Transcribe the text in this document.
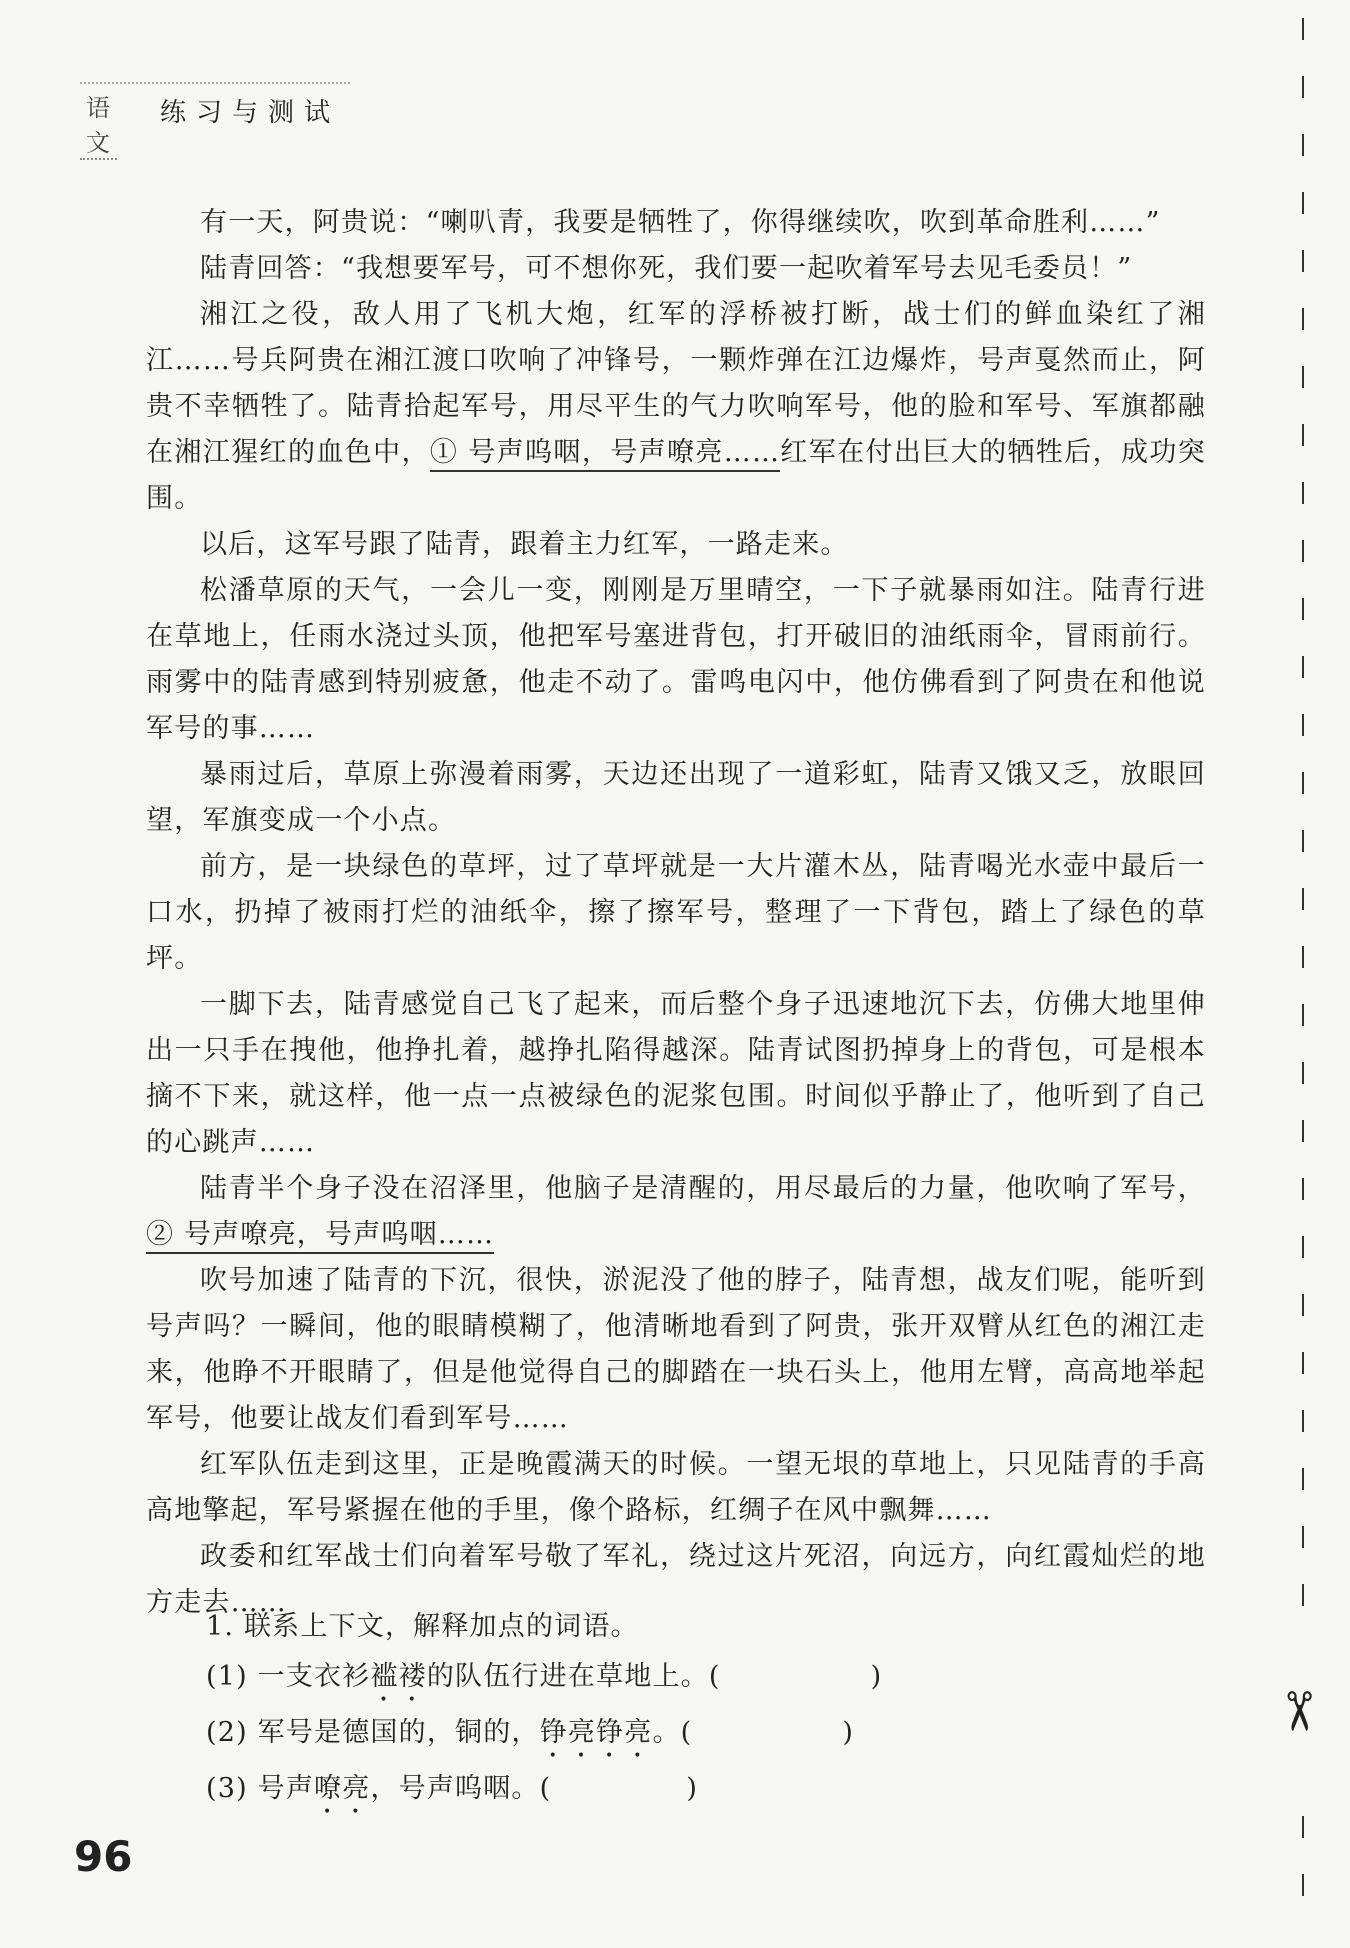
语文
练习与测试

有一天，阿贵说：“喇叭青，我要是牺牲了，你得继续吹，吹到革命胜利……”

陆青回答：“我想要军号，可不想你死，我们要一起吹着军号去见毛委员！”

湘江之役，敌人用了飞机大炮，红军的浮桥被打断，战士们的鲜血染红了湘江……号兵阿贵在湘江渡口吹响了冲锋号，一颗炸弹在江边爆炸，号声戛然而止，阿贵不幸牺牲了。陆青拾起军号，用尽平生的气力吹响军号，他的脸和军号、军旗都融在湘江猩红的血色中，① 号声呜咽，号声嘹亮……红军在付出巨大的牺牲后，成功突围。

以后，这军号跟了陆青，跟着主力红军，一路走来。

松潘草原的天气，一会儿一变，刚刚是万里晴空，一下子就暴雨如注。陆青行进在草地上，任雨水浇过头顶，他把军号塞进背包，打开破旧的油纸雨伞，冒雨前行。雨雾中的陆青感到特别疲惫，他走不动了。雷鸣电闪中，他仿佛看到了阿贵在和他说军号的事……

暴雨过后，草原上弥漫着雨雾，天边还出现了一道彩虹，陆青又饿又乏，放眼回望，军旗变成一个小点。

前方，是一块绿色的草坪，过了草坪就是一大片灌木丛，陆青喝光水壶中最后一口水，扔掉了被雨打烂的油纸伞，擦了擦军号，整理了一下背包，踏上了绿色的草坪。

一脚下去，陆青感觉自己飞了起来，而后整个身子迅速地沉下去，仿佛大地里伸出一只手在拽他，他挣扎着，越挣扎陷得越深。陆青试图扔掉身上的背包，可是根本摘不下来，就这样，他一点一点被绿色的泥浆包围。时间似乎静止了，他听到了自己的心跳声……

陆青半个身子没在沼泽里，他脑子是清醒的，用尽最后的力量，他吹响了军号，② 号声嘹亮，号声呜咽……

吹号加速了陆青的下沉，很快，淤泥没了他的脖子，陆青想，战友们呢，能听到号声吗？一瞬间，他的眼睛模糊了，他清晰地看到了阿贵，张开双臂从红色的湘江走来，他睁不开眼睛了，但是他觉得自己的脚踏在一块石头上，他用左臂，高高地举起军号，他要让战友们看到军号……

红军队伍走到这里，正是晚霞满天的时候。一望无垠的草地上，只见陆青的手高高地擎起，军号紧握在他的手里，像个路标，红绸子在风中飘舞……

政委和红军战士们向着军号敬了军礼，绕过这片死沼，向远方，向红霞灿烂的地方走去……

1. 联系上下文，解释加点的词语。
(1) 一支衣衫褴褛的队伍行进在草地上。(	)
(2) 军号是德国的，铜的，铮亮铮亮。(	)
(3) 号声嘹亮，号声呜咽。(	)
96
✂
